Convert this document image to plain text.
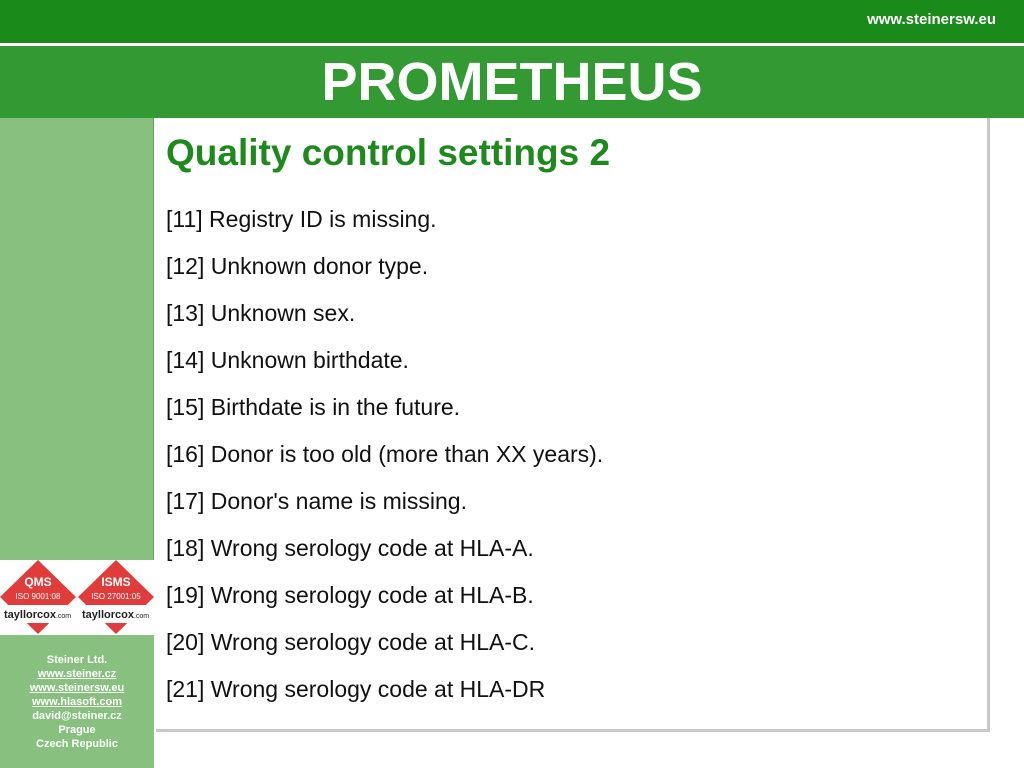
www.steinersw.eu
PROMETHEUS
QMS
ISO 9001:08
tayllorcox.com
ISMS
ISO 27001:05
tayllorcox.com
Steiner Ltd.
www.steiner.cz
www.steinersw.eu
www.hlasoft.com
david@steiner.cz
Prague
Czech Republic
Quality control settings 2
[11] Registry ID is missing.
[12] Unknown donor type.
[13] Unknown sex.
[14] Unknown birthdate.
[15] Birthdate is in the future.
[16] Donor is too old (more than XX years).
[17] Donor's name is missing.
[18] Wrong serology code at HLA-A.
[19] Wrong serology code at HLA-B.
[20] Wrong serology code at HLA-C.
[21] Wrong serology code at HLA-DR
